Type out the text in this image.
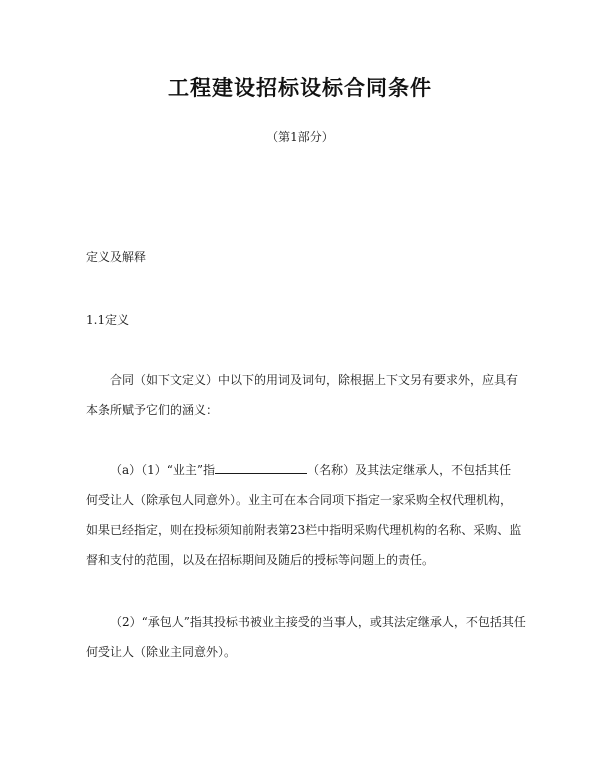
工程建设招标设标合同条件
（第1部分）
定义及解释
1.1定义
合同（如下文定义）中以下的用词及词句，除根据上下文另有要求外，应具有
本条所赋予它们的涵义：
（a）（1）“业主”指	（名称）及其法定继承人，不包括其任
何受让人（除承包人同意外）。业主可在本合同项下指定一家采购全权代理机构，
如果已经指定，则在投标须知前附表第23栏中指明采购代理机构的名称、采购、监
督和支付的范围，以及在招标期间及随后的授标等问题上的责任。
（2）“承包人”指其投标书被业主接受的当事人，或其法定继承人，不包括其任
何受让人（除业主同意外）。
